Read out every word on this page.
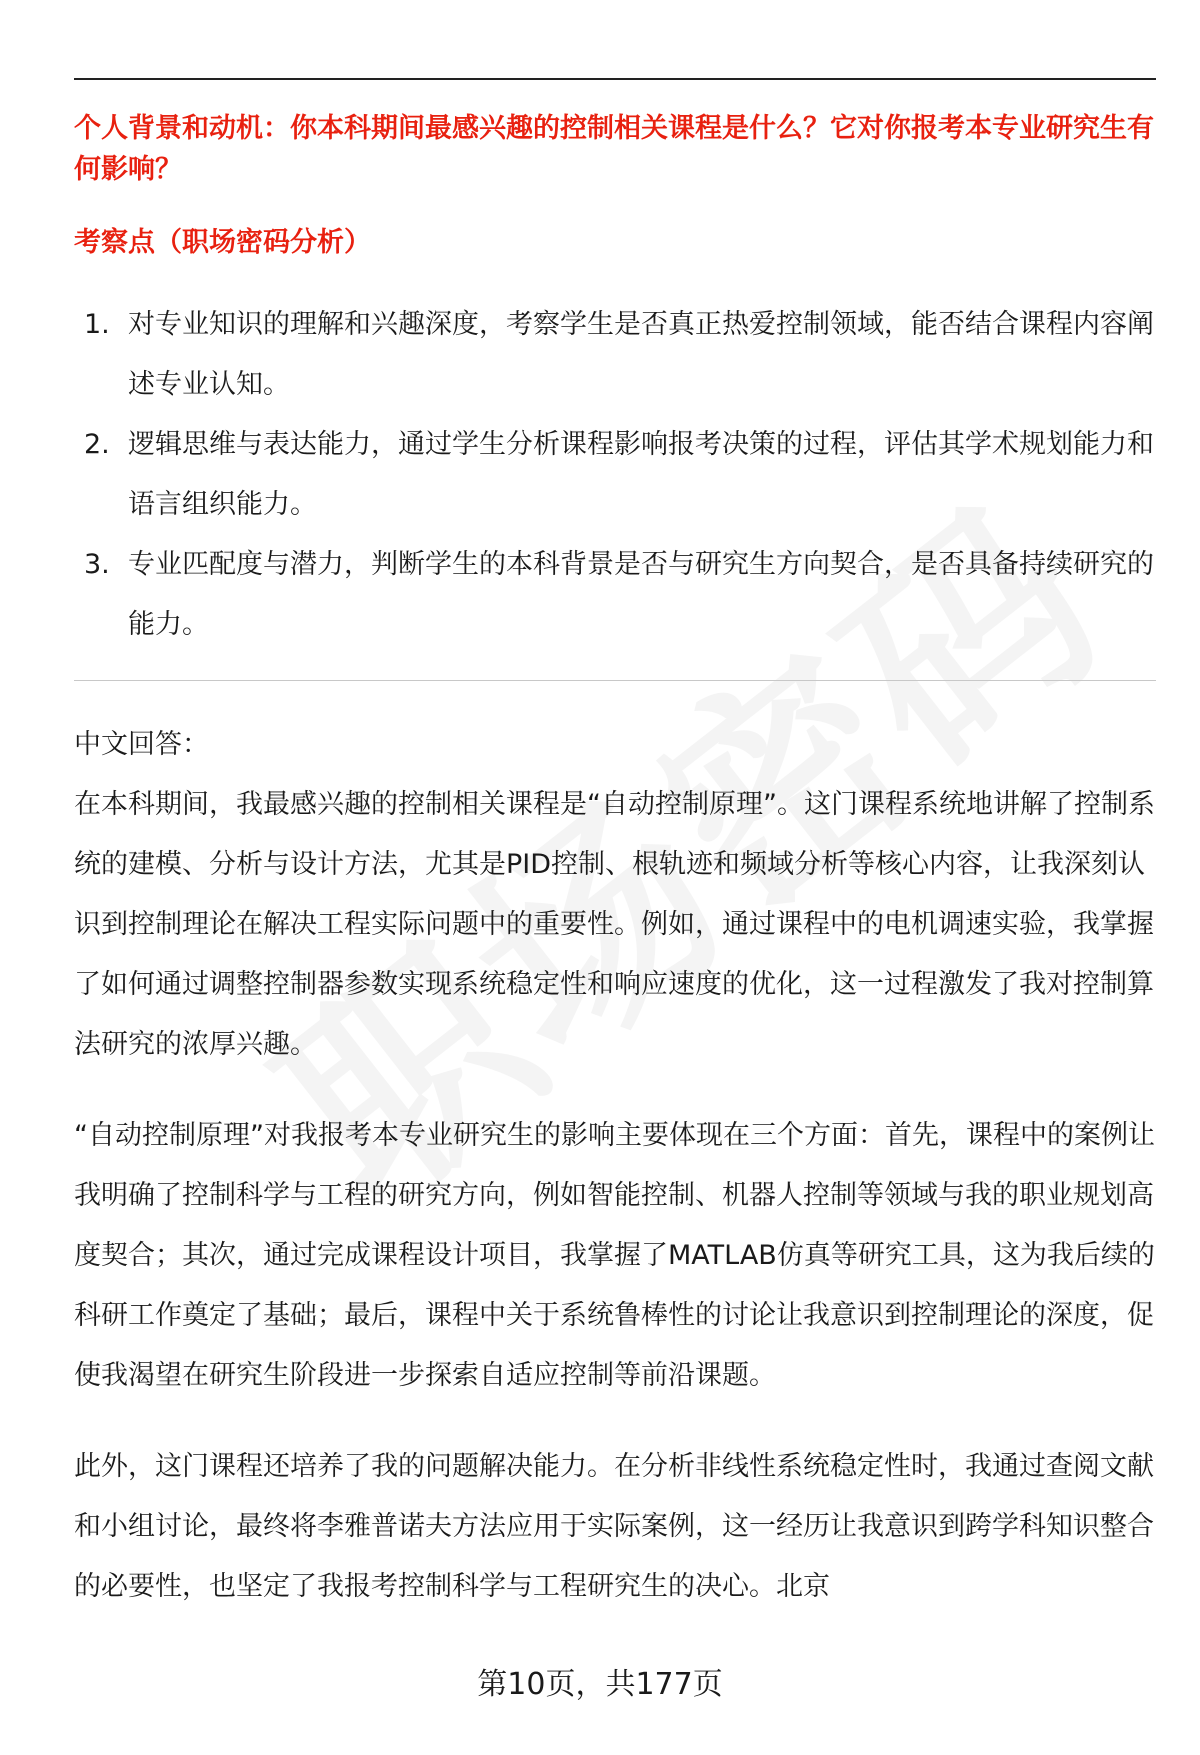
个人背景和动机：你本科期间最感兴趣的控制相关课程是什么？它对你报考本专业研究生有何影响？
考察点（职场密码分析）
1. 对专业知识的理解和兴趣深度，考察学生是否真正热爱控制领域，能否结合课程内容阐述专业认知。
2. 逻辑思维与表达能力，通过学生分析课程影响报考决策的过程，评估其学术规划能力和语言组织能力。
3. 专业匹配度与潜力，判断学生的本科背景是否与研究生方向契合，是否具备持续研究的能力。

中文回答：

在本科期间，我最感兴趣的控制相关课程是“自动控制原理”。这门课程系统地讲解了控制系统的建模、分析与设计方法，尤其是PID控制、根轨迹和频域分析等核心内容，让我深刻认识到控制理论在解决工程实际问题中的重要性。例如，通过课程中的电机调速实验，我掌握了如何通过调整控制器参数实现系统稳定性和响应速度的优化，这一过程激发了我对控制算法研究的浓厚兴趣。

“自动控制原理”对我报考本专业研究生的影响主要体现在三个方面：首先，课程中的案例让我明确了控制科学与工程的研究方向，例如智能控制、机器人控制等领域与我的职业规划高度契合；其次，通过完成课程设计项目，我掌握了MATLAB仿真等研究工具，这为我后续的科研工作奠定了基础；最后，课程中关于系统鲁棒性的讨论让我意识到控制理论的深度，促使我渴望在研究生阶段进一步探索自适应控制等前沿课题。

此外，这门课程还培养了我的问题解决能力。在分析非线性系统稳定性时，我通过查阅文献和小组讨论，最终将李雅普诺夫方法应用于实际案例，这一经历让我意识到跨学科知识整合的必要性，也坚定了我报考控制科学与工程研究生的决心。北京

第10页，共177页
